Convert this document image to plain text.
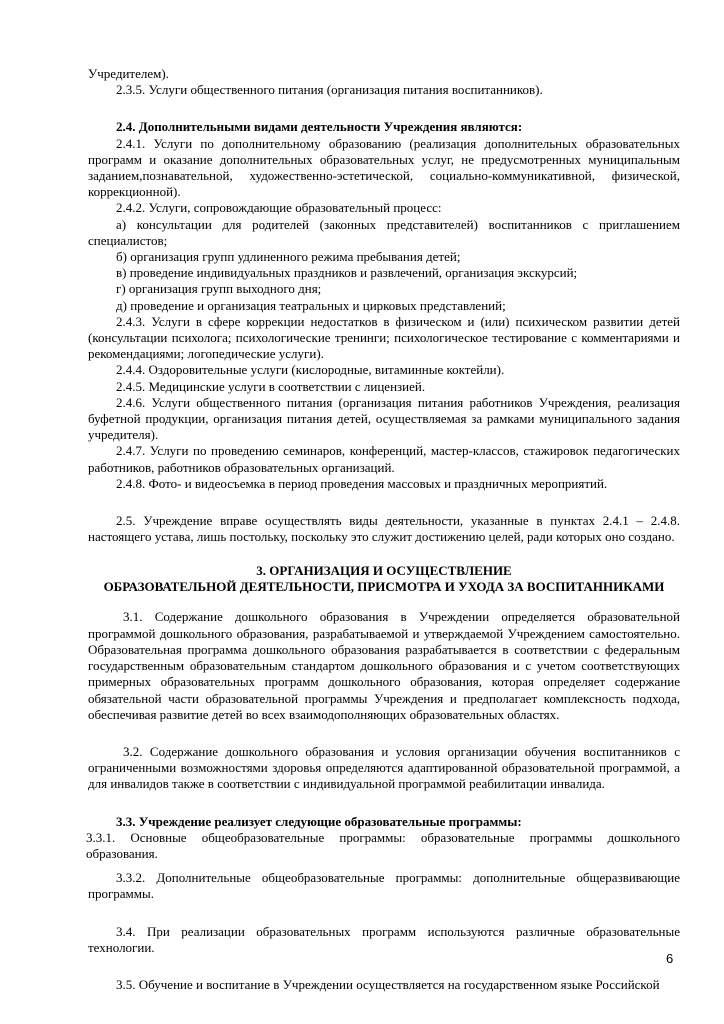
Учредителем).

2.3.5. Услуги общественного питания (организация питания воспитанников).

2.4. Дополнительными видами деятельности Учреждения являются:

2.4.1. Услуги по дополнительному образованию (реализация дополнительных образовательных программ и оказание дополнительных образовательных услуг, не предусмотренных муниципальным заданием,познавательной, художественно-эстетической, социально-коммуникативной, физической, коррекционной).

2.4.2. Услуги, сопровождающие образовательный процесс:

а) консультации для родителей (законных представителей) воспитанников с приглашением специалистов;

б) организация групп удлиненного режима пребывания детей;

в) проведение индивидуальных праздников и развлечений, организация экскурсий;

г) организация групп выходного дня;

д) проведение и организация театральных и цирковых представлений;

2.4.3. Услуги в сфере коррекции недостатков в физическом и (или) психическом развитии детей (консультации психолога; психологические тренинги; психологическое тестирование с комментариями и рекомендациями; логопедические услуги).

2.4.4. Оздоровительные услуги (кислородные, витаминные коктейли).

2.4.5. Медицинские услуги в соответствии с лицензией.

2.4.6. Услуги общественного питания (организация питания работников Учреждения, реализация буфетной продукции, организация питания детей, осуществляемая за рамками муниципального задания учредителя).

2.4.7. Услуги по проведению семинаров, конференций, мастер-классов, стажировок педагогических работников, работников образовательных организаций.

2.4.8. Фото- и видеосъемка в период проведения массовых и праздничных мероприятий.

2.5. Учреждение вправе осуществлять виды деятельности, указанные в пунктах 2.4.1 – 2.4.8. настоящего устава, лишь постольку, поскольку это служит достижению целей, ради которых оно создано.

3. ОРГАНИЗАЦИЯ И ОСУЩЕСТВЛЕНИЕ
ОБРАЗОВАТЕЛЬНОЙ ДЕЯТЕЛЬНОСТИ, ПРИСМОТРА И УХОДА ЗА ВОСПИТАННИКАМИ

3.1. Содержание дошкольного образования в Учреждении определяется образовательной программой дошкольного образования, разрабатываемой и утверждаемой Учреждением самостоятельно. Образовательная программа дошкольного образования разрабатывается в соответствии с федеральным государственным образовательным стандартом дошкольного образования и с учетом соответствующих примерных образовательных программ дошкольного образования, которая определяет содержание обязательной части образовательной программы Учреждения и предполагает комплексность подхода, обеспечивая развитие детей во всех взаимодополняющих образовательных областях.

3.2. Содержание дошкольного образования и условия организации обучения воспитанников с ограниченными возможностями здоровья определяются адаптированной образовательной программой, а для инвалидов также в соответствии с индивидуальной программой реабилитации инвалида.

3.3. Учреждение реализует следующие образовательные программы:

3.3.1. Основные общеобразовательные программы: образовательные программы дошкольного образования.

3.3.2. Дополнительные общеобразовательные программы: дополнительные общеразвивающие программы.

3.4. При реализации образовательных программ используются различные образовательные технологии.

3.5. Обучение и воспитание в Учреждении осуществляется на государственном языке Российской

6
